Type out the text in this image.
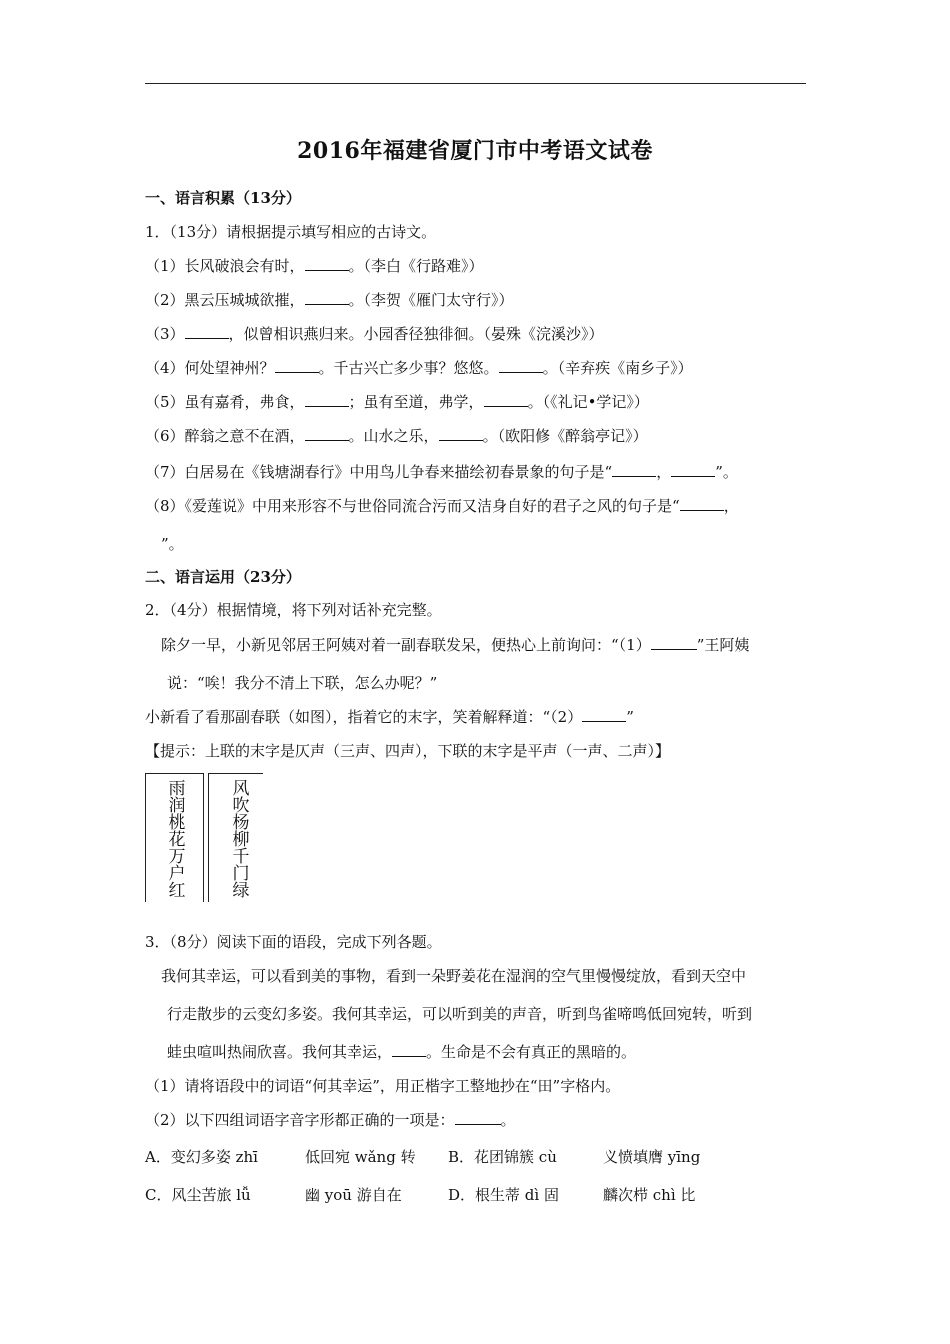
2016年福建省厦门市中考语文试卷
一、语言积累（13分）
1．（13分）请根据提示填写相应的古诗文。
（1）长风破浪会有时，	。（李白《行路难》）
（2）黑云压城城欲摧，	。（李贺《雁门太守行》）
（3）	，似曾相识燕归来。小园香径独徘徊。（晏殊《浣溪沙》）
（4）何处望神州？	。千古兴亡多少事？悠悠。	。（辛弃疾《南乡子》）
（5）虽有嘉肴，弗食，	；虽有至道，弗学，	。（《礼记•学记》）
（6）醉翁之意不在酒，	。山水之乐，	。（欧阳修《醉翁亭记》）
（7）白居易在《钱塘湖春行》中用鸟儿争春来描绘初春景象的句子是“	，	”。
（8）《爱莲说》中用来形容不与世俗同流合污而又洁身自好的君子之风的句子是“	，
”。
二、语言运用（23分）
2．（4分）根据情境，将下列对话补充完整。
除夕一早，小新见邻居王阿姨对着一副春联发呆，便热心上前询问：“（1）	”王阿姨
说：“唉！我分不清上下联，怎么办呢？”
小新看了看那副春联（如图），指着它的末字，笑着解释道：“（2）	”
【提示：上联的末字是仄声（三声、四声），下联的末字是平声（一声、二声）】
雨
润
桃
花
万
户
红
风
吹
杨
柳
千
门
绿
3．（8分）阅读下面的语段，完成下列各题。
我何其幸运，可以看到美的事物，看到一朵野姜花在湿润的空气里慢慢绽放，看到天空中
行走散步的云变幻多姿。我何其幸运，可以听到美的声音，听到鸟雀啼鸣低回宛转，听到
蛙虫喧叫热闹欣喜。我何其幸运， 。生命是不会有真正的黑暗的。
（1）请将语段中的词语“何其幸运”，用正楷字工整地抄在“田”字格内。
（2）以下四组词语字音字形都正确的一项是：	。
A．变幻多姿 zhī	低回宛 wǎng 转 B．花团锦簇 cù	义愤填膺 yīng
C．风尘苦旅 lǚ	幽 yoū 游自在	D．根生蒂 dì 固	麟次栉 chì 比
